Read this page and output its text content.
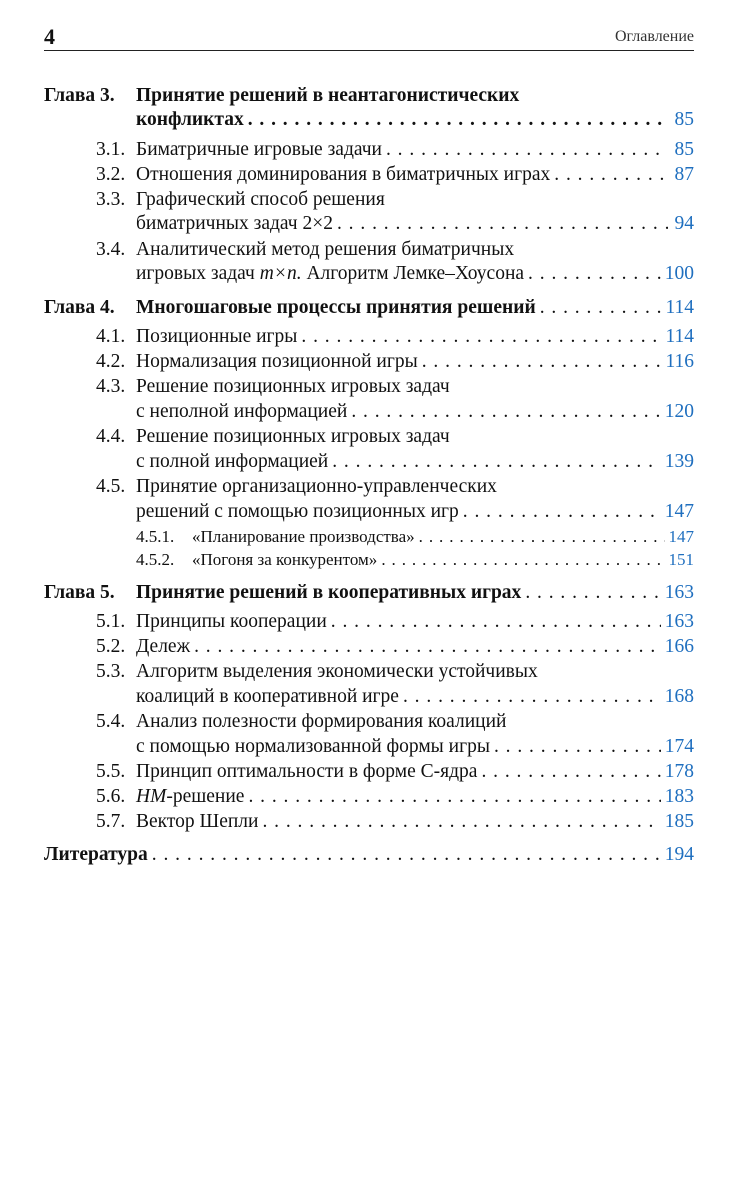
4	Оглавление
Глава 3.	Принятие решений в неантагонистических
конфликтах . . .	85
3.1. Биматричные игровые задачи . . .	85
3.2. Отношения доминирования в биматричных играх . . .	87
3.3. Графический способ решения
биматричных задач 2×2 . . .	94
3.4. Аналитический метод решения биматричных
игровых задач m×n. Алгоритм Лемке–Хоусона . . .	100
Глава 4.	Многошаговые процессы принятия решений . . .	114
4.1. Позиционные игры . . .	114
4.2. Нормализация позиционной игры . . .	116
4.3. Решение позиционных игровых задач
с неполной информацией . . .	120
4.4. Решение позиционных игровых задач
с полной информацией . . .	139
4.5. Принятие организационно-управленческих
решений с помощью позиционных игр . . .	147
4.5.1.	«Планирование производства» . . .	147
4.5.2.	«Погоня за конкурентом» . . .	151
Глава 5.	Принятие решений в кооперативных играх . . .	163
5.1. Принципы кооперации . . .	163
5.2. Дележ . . .	166
5.3. Алгоритм выделения экономически устойчивых
коалиций в кооперативной игре . . .	168
5.4. Анализ полезности формирования коалиций
с помощью нормализованной формы игры . . .	174
5.5. Принцип оптимальности в форме С-ядра . . .	178
5.6. НМ-решение . . .	183
5.7. Вектор Шепли . . .	185
Литература . . .	194
